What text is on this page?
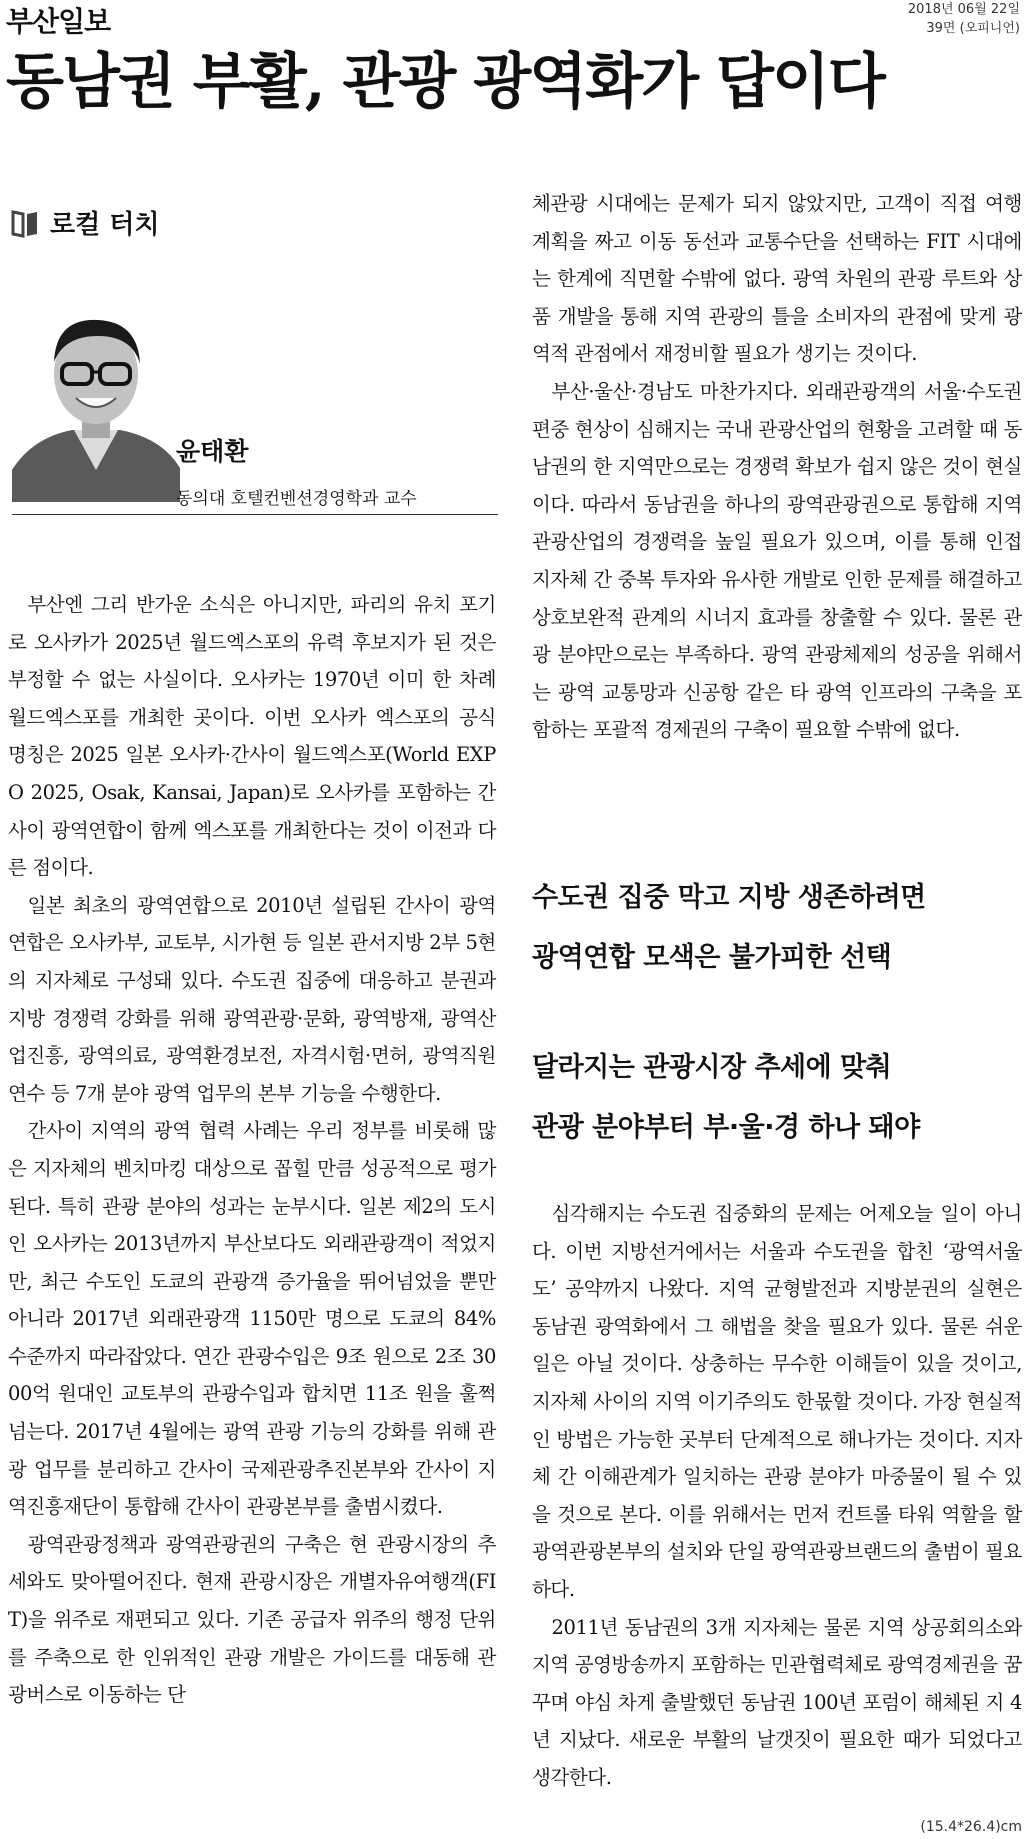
부산일보	2018년 06월 22일
39면 (오피니언)
동남권 부활, 관광 광역화가 답이다
로컬 터치
윤태환
동의대 호텔컨벤션경영학과 교수

부산엔 그리 반가운 소식은 아니지만, 파리의 유치 포기로 오사카가 2025년 월드엑스포의 유력 후보지가 된 것은 부정할 수 없는 사실이다. 오사카는 1970년 이미 한 차례 월드엑스포를 개최한 곳이다. 이번 오사카 엑스포의 공식 명칭은 2025 일본 오사카·간사이 월드엑스포(World EXPO 2025, Osak, Kansai, Japan)로 오사카를 포함하는 간사이 광역연합이 함께 엑스포를 개최한다는 것이 이전과 다른 점이다.

일본 최초의 광역연합으로 2010년 설립된 간사이 광역연합은 오사카부, 교토부, 시가현 등 일본 관서지방 2부 5현의 지자체로 구성돼 있다. 수도권 집중에 대응하고 분권과 지방 경쟁력 강화를 위해 광역관광·문화, 광역방재, 광역산업진흥, 광역의료, 광역환경보전, 자격시험·면허, 광역직원연수 등 7개 분야 광역 업무의 본부 기능을 수행한다.

간사이 지역의 광역 협력 사례는 우리 정부를 비롯해 많은 지자체의 벤치마킹 대상으로 꼽힐 만큼 성공적으로 평가된다. 특히 관광 분야의 성과는 눈부시다. 일본 제2의 도시인 오사카는 2013년까지 부산보다도 외래관광객이 적었지만, 최근 수도인 도쿄의 관광객 증가율을 뛰어넘었을 뿐만 아니라 2017년 외래관광객 1150만 명으로 도쿄의 84% 수준까지 따라잡았다. 연간 관광수입은 9조 원으로 2조 3000억 원대인 교토부의 관광수입과 합치면 11조 원을 훌쩍 넘는다. 2017년 4월에는 광역 관광 기능의 강화를 위해 관광 업무를 분리하고 간사이 국제관광추진본부와 간사이 지역진흥재단이 통합해 간사이 관광본부를 출범시켰다.

광역관광정책과 광역관광권의 구축은 현 관광시장의 추세와도 맞아떨어진다. 현재 관광시장은 개별자유여행객(FIT)을 위주로 재편되고 있다. 기존 공급자 위주의 행정 단위를 주축으로 한 인위적인 관광 개발은 가이드를 대동해 관광버스로 이동하는 단

체관광 시대에는 문제가 되지 않았지만, 고객이 직접 여행 계획을 짜고 이동 동선과 교통수단을 선택하는 FIT 시대에는 한계에 직면할 수밖에 없다. 광역 차원의 관광 루트와 상품 개발을 통해 지역 관광의 틀을 소비자의 관점에 맞게 광역적 관점에서 재정비할 필요가 생기는 것이다.

부산·울산·경남도 마찬가지다. 외래관광객의 서울·수도권 편중 현상이 심해지는 국내 관광산업의 현황을 고려할 때 동남권의 한 지역만으로는 경쟁력 확보가 쉽지 않은 것이 현실이다. 따라서 동남권을 하나의 광역관광권으로 통합해 지역관광산업의 경쟁력을 높일 필요가 있으며, 이를 통해 인접 지자체 간 중복 투자와 유사한 개발로 인한 문제를 해결하고 상호보완적 관계의 시너지 효과를 창출할 수 있다. 물론 관광 분야만으로는 부족하다. 광역 관광체제의 성공을 위해서는 광역 교통망과 신공항 같은 타 광역 인프라의 구축을 포함하는 포괄적 경제권의 구축이 필요할 수밖에 없다.

수도권 집중 막고 지방 생존하려면
광역연합 모색은 불가피한 선택
달라지는 관광시장 추세에 맞춰
관광 분야부터 부·울·경 하나 돼야

심각해지는 수도권 집중화의 문제는 어제오늘 일이 아니다. 이번 지방선거에서는 서울과 수도권을 합친 ‘광역서울도’ 공약까지 나왔다. 지역 균형발전과 지방분권의 실현은 동남권 광역화에서 그 해법을 찾을 필요가 있다. 물론 쉬운 일은 아닐 것이다. 상충하는 무수한 이해들이 있을 것이고, 지자체 사이의 지역 이기주의도 한몫할 것이다. 가장 현실적인 방법은 가능한 곳부터 단계적으로 해나가는 것이다. 지자체 간 이해관계가 일치하는 관광 분야가 마중물이 될 수 있을 것으로 본다. 이를 위해서는 먼저 컨트롤 타워 역할을 할 광역관광본부의 설치와 단일 광역관광브랜드의 출범이 필요하다.

2011년 동남권의 3개 지자체는 물론 지역 상공회의소와 지역 공영방송까지 포함하는 민관협력체로 광역경제권을 꿈꾸며 야심 차게 출발했던 동남권 100년 포럼이 해체된 지 4년 지났다. 새로운 부활의 날갯짓이 필요한 때가 되었다고 생각한다.

(15.4*26.4)cm
